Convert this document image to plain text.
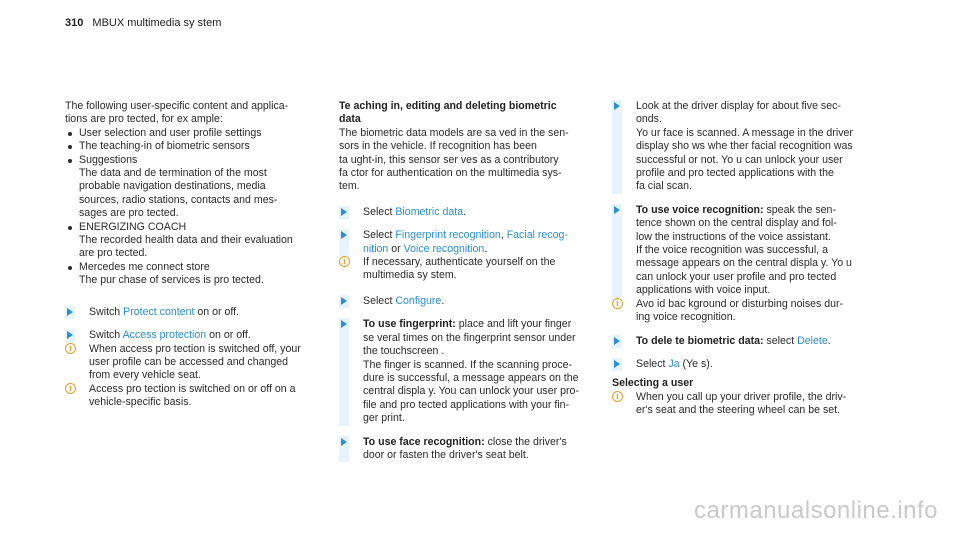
310 MBUX multimedia sy stem

The following user-specific content and applica-
tions are pro tected, for ex ample:

User selection and user profile settings
The teaching-in of biometric sensors
Suggestions
The data and de termination of the most
probable navigation destinations, media
sources, radio stations, contacts and mes-
sages are pro tected.
ENERGIZING COACH
The recorded health data and their evaluation
are pro tected.
Mercedes me connect store
The pur chase of services is pro tected.
Switch Protect content on or off.
Switch Access protection on or off.
i	When access pro tection is switched off, your
user profile can be accessed and changed
from every vehicle seat.
i	Access pro tection is switched on or off on a
vehicle-specific basis.

Te aching in, editing and deleting biometric
data

The biometric data models are sa ved in the sen-
sors in the vehicle. If recognition has been
ta ught-in, this sensor ser ves as a contributory
fa ctor for authentication on the multimedia sys-
tem.

Select Biometric data.
Select Fingerprint recognition, Facial recog-
nition or Voice recognition.
i	If necessary, authenticate yourself on the
multimedia sy stem.
Select Configure.
To use fingerprint: place and lift your finger
se veral times on the fingerprint sensor under
the touchscreen .
The finger is scanned. If the scanning proce-
dure is successful, a message appears on the
central displa y. You can unlock your user pro-
file and pro tected applications with your fin-
ger print.
To use face recognition: close the driver's
door or fasten the driver's seat belt.
Look at the driver display for about five sec-
onds.
Yo ur face is scanned. A message in the driver
display sho ws whe ther facial recognition was
successful or not. Yo u can unlock your user
profile and pro tected applications with the
fa cial scan.
To use voice recognition: speak the sen-
tence shown on the central display and fol-
low the instructions of the voice assistant.
If the voice recognition was successful, a
message appears on the central displa y. Yo u
can unlock your user profile and pro tected
applications with voice input.
i	Avo id bac kground or disturbing noises dur-
ing voice recognition.
To dele te biometric data: select Delete.
Select Ja (Ye s).

Selecting a user

i	When you call up your driver profile, the driv-
er's seat and the steering wheel can be set.
carmanualsonline.info
